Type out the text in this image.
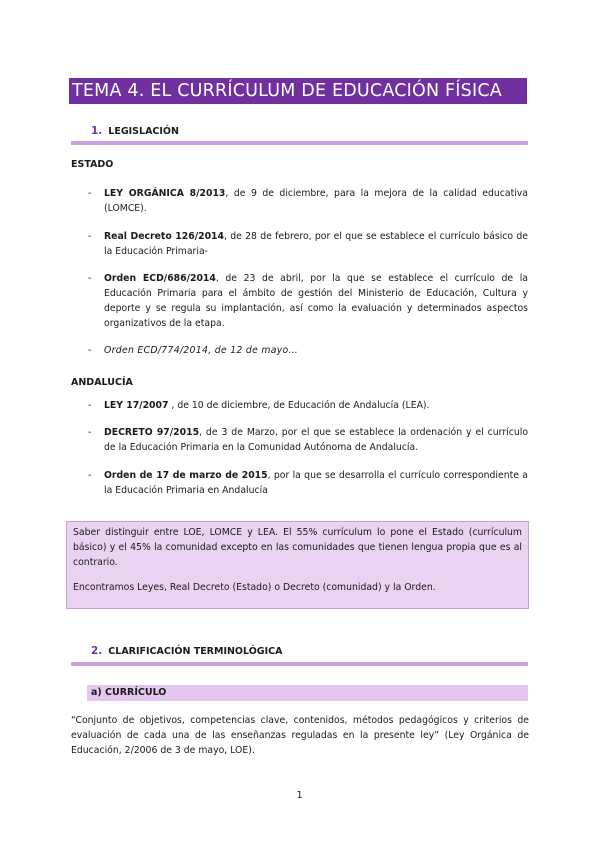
TEMA 4. EL CURRÍCULUM DE EDUCACIÓN FÍSICA
1. LEGISLACIÓN
ESTADO
- LEY ORGÁNICA 8/2013, de 9 de diciembre, para la mejora de la calidad educativa (LOMCE).
- Real Decreto 126/2014, de 28 de febrero, por el que se establece el currículo básico de la Educación Primaria-
- Orden ECD/686/2014, de 23 de abril, por la que se establece el currículo de la Educación Primaria para el ámbito de gestión del Ministerio de Educación, Cultura y deporte y se regula su implantación, así como la evaluación y determinados aspectos organizativos de la etapa.
- Orden ECD/774/2014, de 12 de mayo…
ANDALUCÍA
- LEY 17/2007 , de 10 de diciembre, de Educación de Andalucía (LEA).
- DECRETO 97/2015, de 3 de Marzo, por el que se establece la ordenación y el currículo de la Educación Primaria en la Comunidad Autónoma de Andalucía.
- Orden de 17 de marzo de 2015, por la que se desarrolla el currículo correspondiente a la Educación Primaria en Andalucía

Saber distinguir entre LOE, LOMCE y LEA. El 55% currículum lo pone el Estado (currículum básico) y el 45% la comunidad excepto en las comunidades que tienen lengua propia que es al contrario.

Encontramos Leyes, Real Decreto (Estado) o Decreto (comunidad) y la Orden.

2. CLARIFICACIÓN TERMINOLÓGICA
a) CURRÍCULO
“Conjunto de objetivos, competencias clave, contenidos, métodos pedagógicos y criterios de evaluación de cada una de las enseñanzas reguladas en la presente ley” (Ley Orgánica de Educación, 2/2006 de 3 de mayo, LOE).
1
